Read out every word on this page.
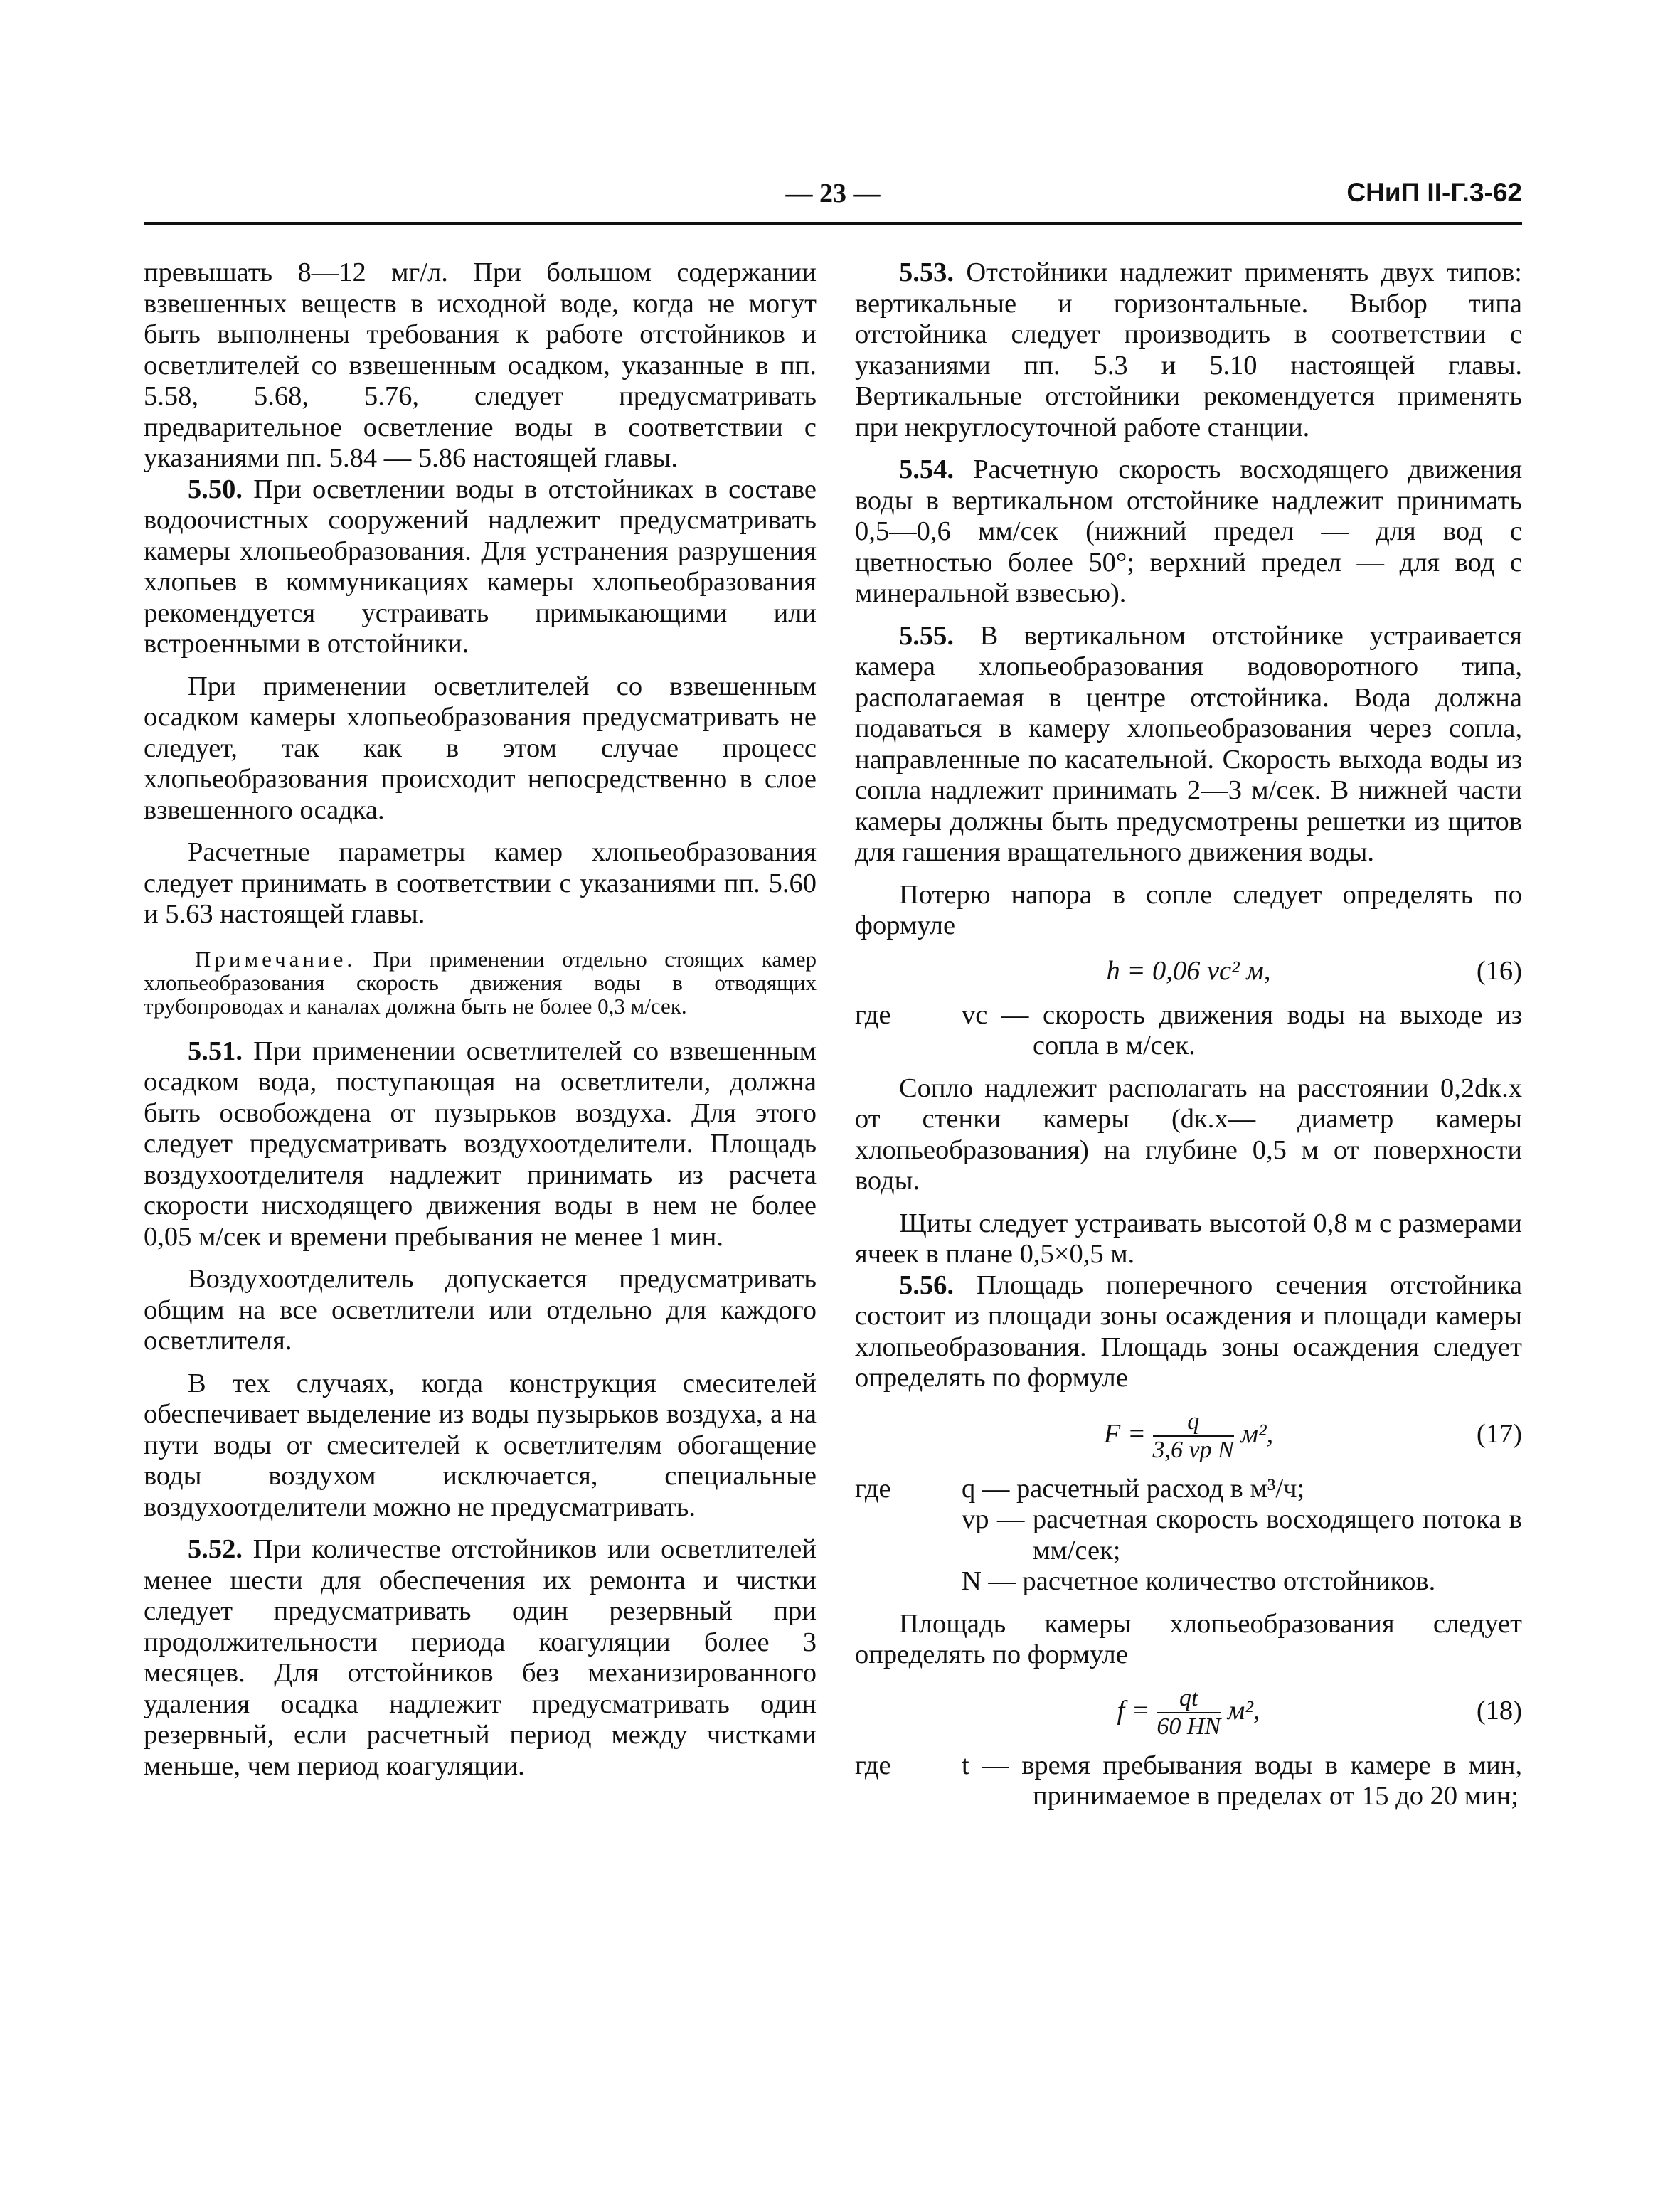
— 23 —	СНиП II-Г.3-62

превышать 8—12 мг/л. При большом содержании взвешенных веществ в исходной воде, когда не могут быть выполнены требования к работе отстойников и осветлителей со взвешенным осадком, указанные в пп. 5.58, 5.68, 5.76, следует предусматривать предварительное осветление воды в соответствии с указаниями пп. 5.84 — 5.86 настоящей главы.

5.50. При осветлении воды в отстойниках в составе водоочистных сооружений надлежит предусматривать камеры хлопьеобразования. Для устранения разрушения хлопьев в коммуникациях камеры хлопьеобразования рекомендуется устраивать примыкающими или встроенными в отстойники.

При применении осветлителей со взвешенным осадком камеры хлопьеобразования предусматривать не следует, так как в этом случае процесс хлопьеобразования происходит непосредственно в слое взвешенного осадка.

Расчетные параметры камер хлопьеобразования следует принимать в соответствии с указаниями пп. 5.60 и 5.63 настоящей главы.

Примечание. При применении отдельно стоящих камер хлопьеобразования скорость движения воды в отводящих трубопроводах и каналах должна быть не более 0,3 м/сек.

5.51. При применении осветлителей со взвешенным осадком вода, поступающая на осветлители, должна быть освобождена от пузырьков воздуха. Для этого следует предусматривать воздухоотделители. Площадь воздухоотделителя надлежит принимать из расчета скорости нисходящего движения воды в нем не более 0,05 м/сек и времени пребывания не менее 1 мин.

Воздухоотделитель допускается предусматривать общим на все осветлители или отдельно для каждого осветлителя.

В тех случаях, когда конструкция смесителей обеспечивает выделение из воды пузырьков воздуха, а на пути воды от смесителей к осветлителям обогащение воды воздухом исключается, специальные воздухоотделители можно не предусматривать.

5.52. При количестве отстойников или осветлителей менее шести для обеспечения их ремонта и чистки следует предусматривать один резервный при продолжительности периода коагуляции более 3 месяцев. Для отстойников без механизированного удаления осадка надлежит предусматривать один резервный, если расчетный период между чистками меньше, чем период коагуляции.

5.53. Отстойники надлежит применять двух типов: вертикальные и горизонтальные. Выбор типа отстойника следует производить в соответствии с указаниями пп. 5.3 и 5.10 настоящей главы. Вертикальные отстойники рекомендуется применять при некруглосуточной работе станции.

5.54. Расчетную скорость восходящего движения воды в вертикальном отстойнике надлежит принимать 0,5—0,6 мм/сек (нижний предел — для вод с цветностью более 50°; верхний предел — для вод с минеральной взвесью).

5.55. В вертикальном отстойнике устраивается камера хлопьеобразования водоворотного типа, располагаемая в центре отстойника. Вода должна подаваться в камеру хлопьеобразования через сопла, направленные по касательной. Скорость выхода воды из сопла надлежит принимать 2—3 м/сек. В нижней части камеры должны быть предусмотрены решетки из щитов для гашения вращательного движения воды.

Потерю напора в сопле следует определять по формуле

h = 0,06 vс² м,	(16)
где	vс — скорость движения воды на выходе из сопла в м/сек.

Сопло надлежит располагать на расстоянии 0,2dк.х от стенки камеры (dк.х— диаметр камеры хлопьеобразования) на глубине 0,5 м от поверхности воды.

Щиты следует устраивать высотой 0,8 м с размерами ячеек в плане 0,5×0,5 м.

5.56. Площадь поперечного сечения отстойника состоит из площади зоны осаждения и площади камеры хлопьеобразования. Площадь зоны осаждения следует определять по формуле

$F = \frac{q}{\text{3,6 vр N}} м^2$,	(17)
где	q — расчетный расход в м³/ч;
vр — расчетная скорость восходящего потока в мм/сек;
N — расчетное количество отстойников.

Площадь камеры хлопьеобразования следует определять по формуле

$f = \frac{qt}{60 HN} м^2$,	(18)
где	t — время пребывания воды в камере в мин, принимаемое в пределах от 15 до 20 мин;
